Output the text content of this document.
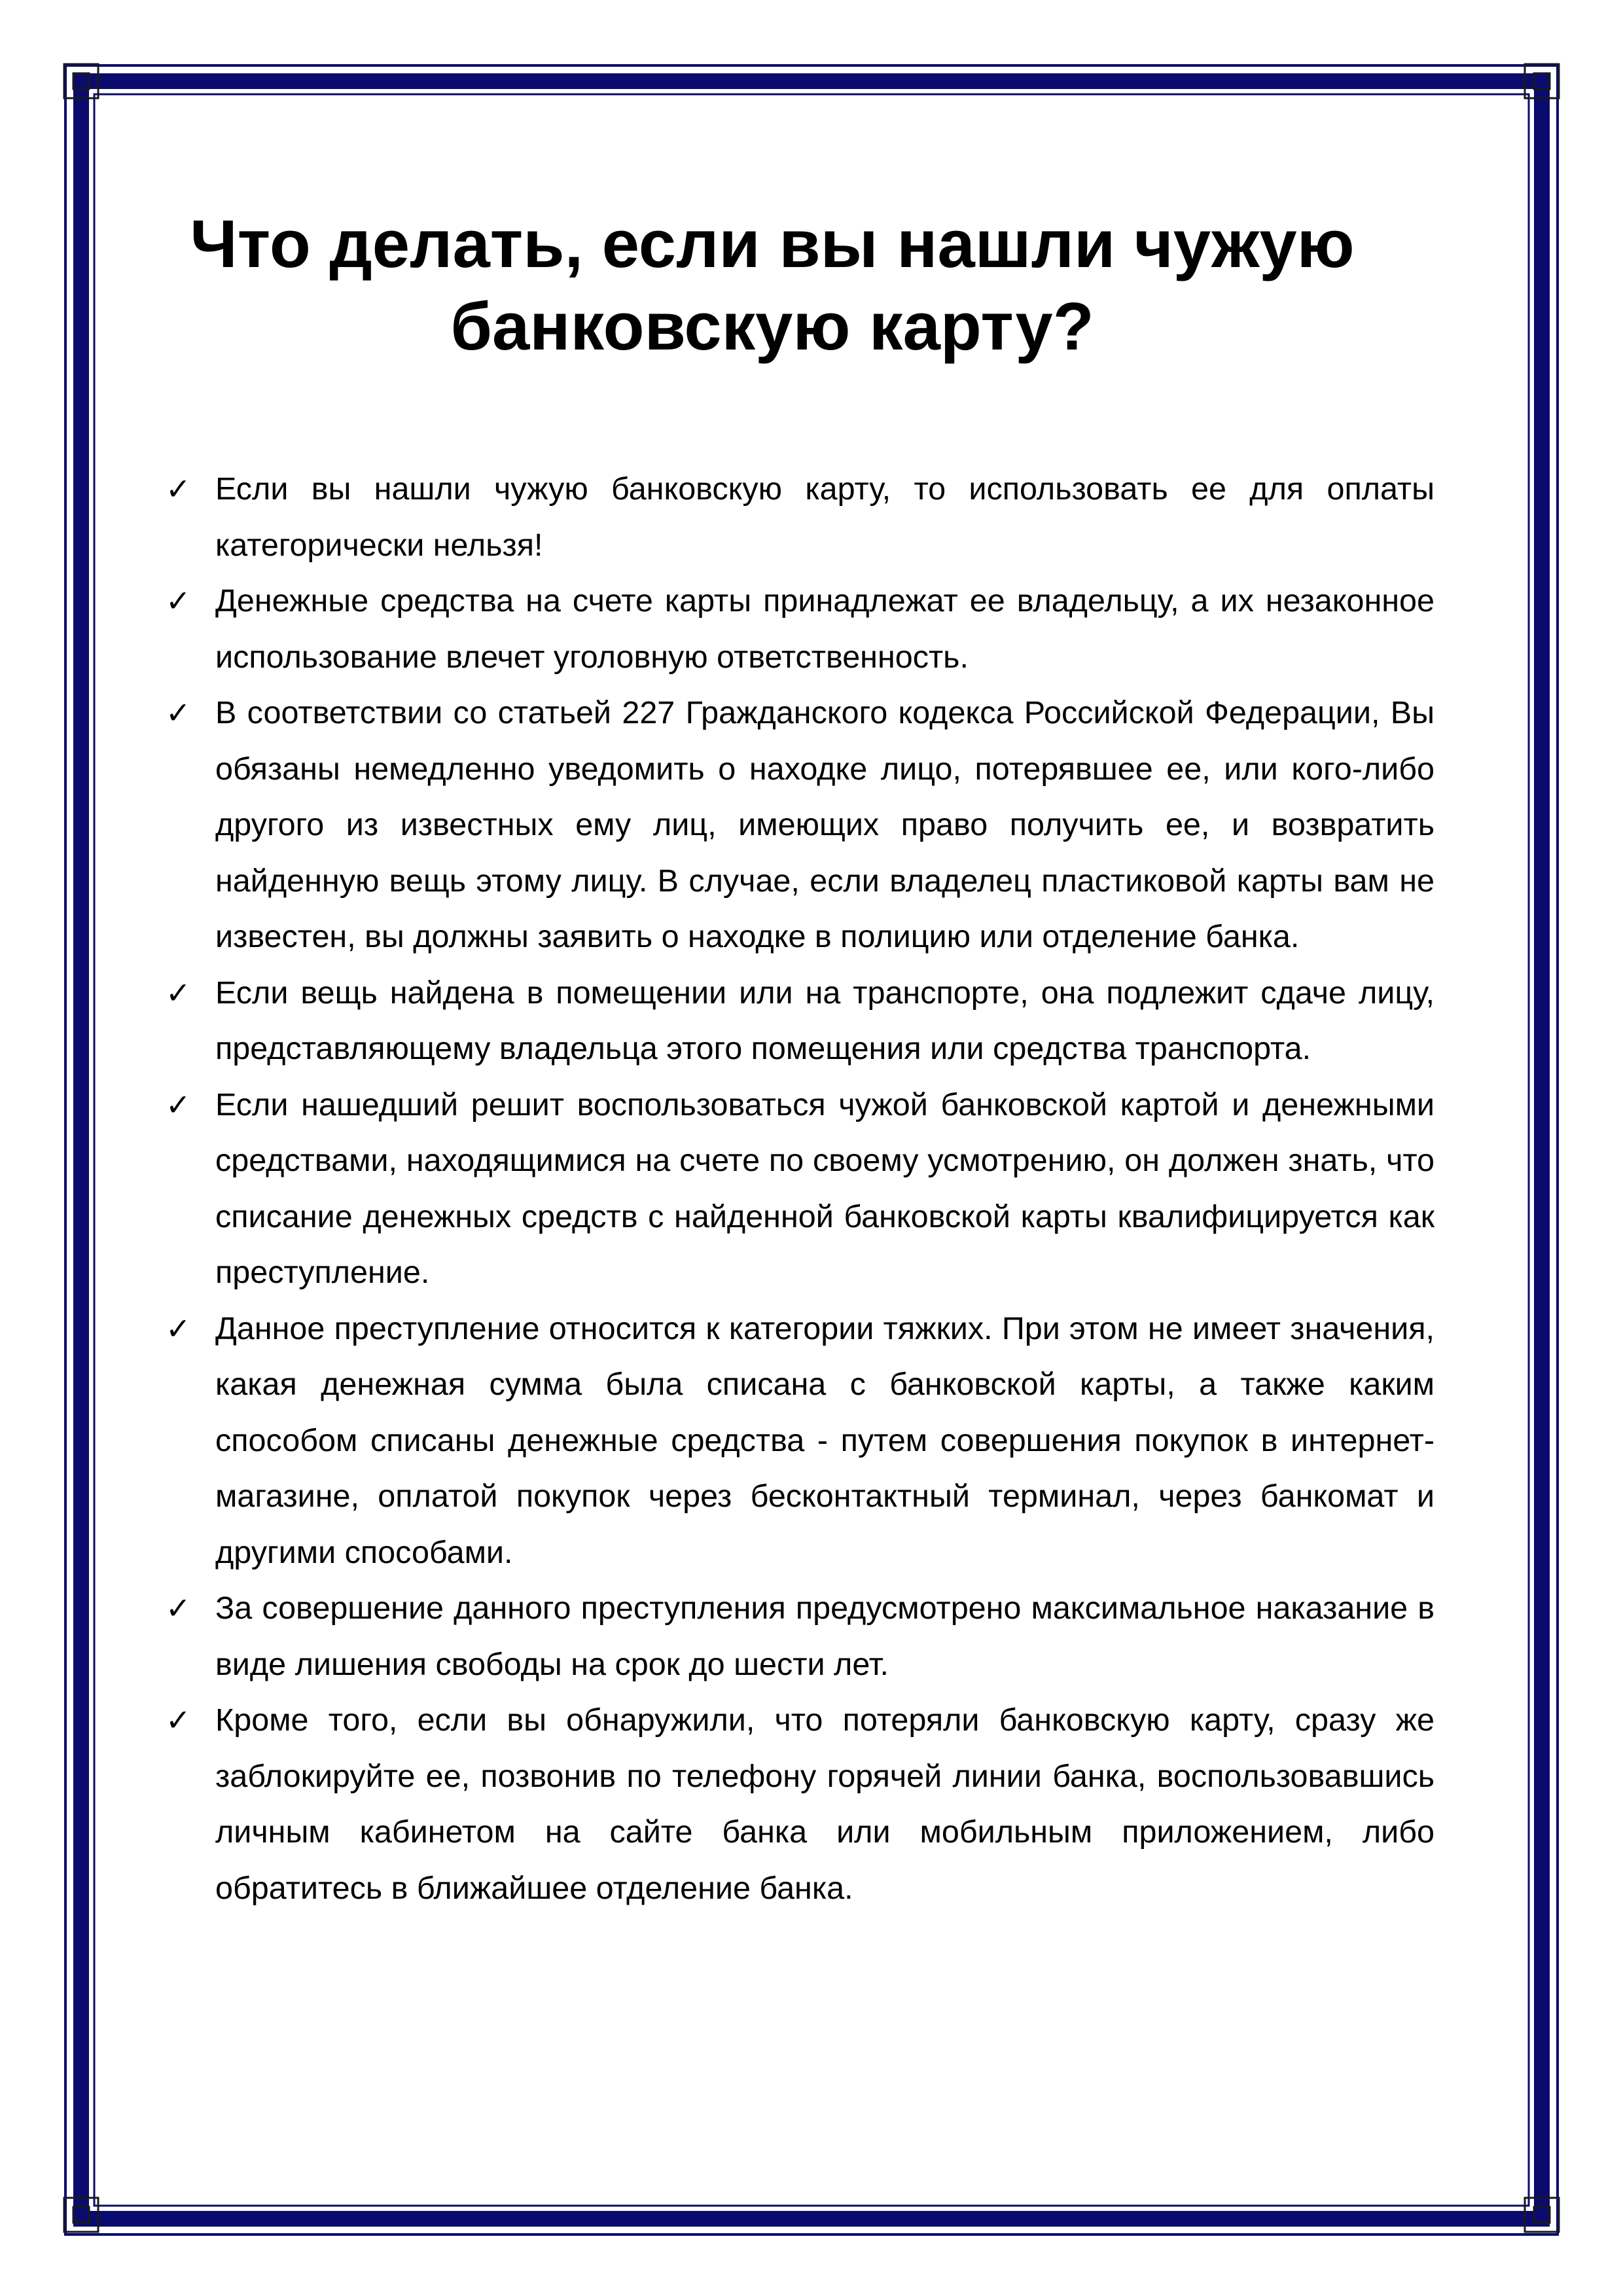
Что делать, если вы нашли чужую
банковскую карту?
✓ Если вы нашли чужую банковскую карту, то использовать ее для оплаты категорически нельзя!
✓ Денежные средства на счете карты принадлежат ее владельцу, а их незаконное использование влечет уголовную ответственность.
✓ В соответствии со статьей 227 Гражданского кодекса Российской Федерации, Вы обязаны немедленно уведомить о находке лицо, потерявшее ее, или кого-либо другого из известных ему лиц, имеющих право получить ее, и возвратить найденную вещь этому лицу. В случае, если владелец пластиковой карты вам не известен, вы должны заявить о находке в полицию или отделение банка.
✓ Если вещь найдена в помещении или на транспорте, она подлежит сдаче лицу, представляющему владельца этого помещения или средства транспорта.
✓ Если нашедший решит воспользоваться чужой банковской картой и денежными средствами, находящимися на счете по своему усмотрению, он должен знать, что списание денежных средств с найденной банковской карты квалифицируется как преступление.
✓ Данное преступление относится к категории тяжких. При этом не имеет значения, какая денежная сумма была списана с банковской карты, а также каким способом списаны денежные средства - путем совершения покупок в интернет-магазине, оплатой покупок через бесконтактный терминал, через банкомат и другими способами.
✓ За совершение данного преступления предусмотрено максимальное наказание в виде лишения свободы на срок до шести лет.
✓ Кроме того, если вы обнаружили, что потеряли банковскую карту, сразу же заблокируйте ее, позвонив по телефону горячей линии банка, воспользовавшись личным кабинетом на сайте банка или мобильным приложением, либо обратитесь в ближайшее отделение банка.
